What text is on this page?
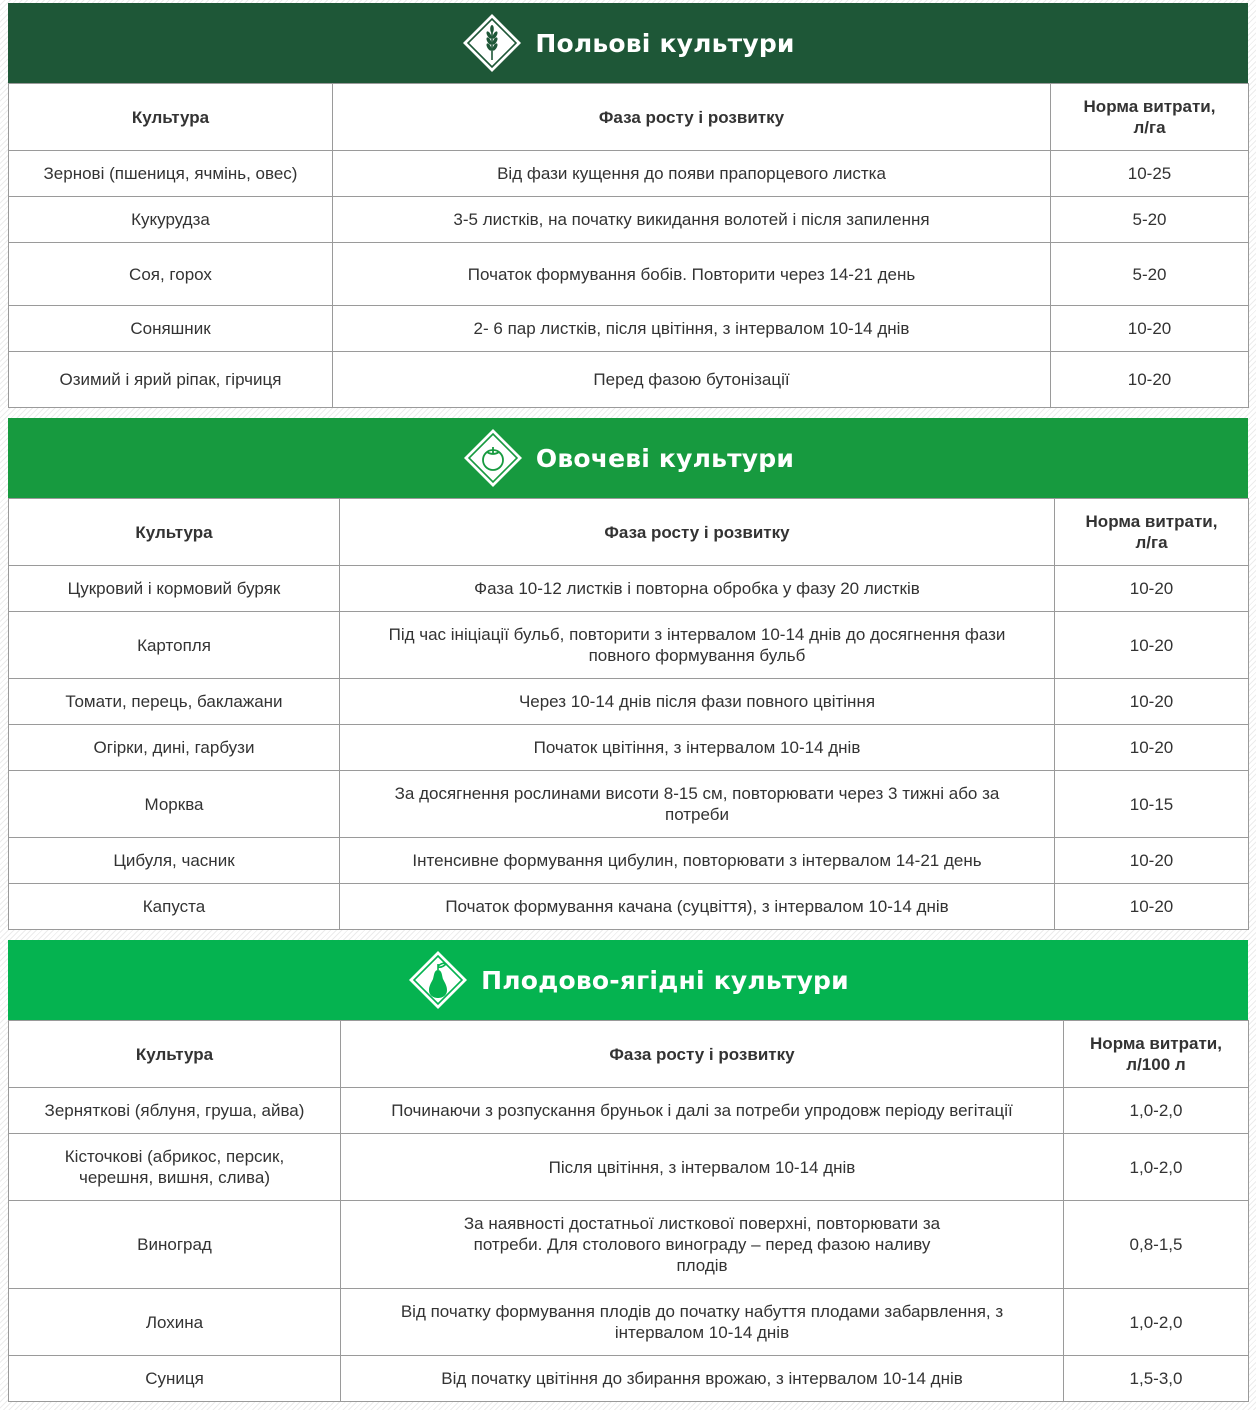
Польові культури
Культура	Фаза росту і розвитку	Норма витрати,
л/га
Зернові (пшениця, ячмінь, овес)	Від фази кущення до появи прапорцевого листка	10-25
Кукурудза	3-5 листків, на початку викидання волотей і після запилення	5-20
Соя, горох	Початок формування бобів. Повторити через 14-21 день	5-20
Соняшник	2- 6 пар листків, після цвітіння, з інтервалом 10-14 днів	10-20
Озимий і ярий ріпак, гірчиця	Перед фазою бутонізації	10-20
Овочеві культури
Культура	Фаза росту і розвитку	Норма витрати,
л/га
Цукровий і кормовий буряк	Фаза 10-12 листків і повторна обробка у фазу 20 листків	10-20
Картопля	Під час ініціації бульб, повторити з інтервалом 10-14 днів до досягнення фази
повного формування бульб	10-20
Томати, перець, баклажани	Через 10-14 днів після фази повного цвітіння	10-20
Огірки, дині, гарбузи	Початок цвітіння, з інтервалом 10-14 днів	10-20
Морква	За досягнення рослинами висоти 8-15 см, повторювати через 3 тижні або за
потреби	10-15
Цибуля, часник	Інтенсивне формування цибулин, повторювати з інтервалом 14-21 день	10-20
Капуста	Початок формування качана (суцвіття), з інтервалом 10-14 днів	10-20
Плодово-ягідні культури
Культура	Фаза росту і розвитку	Норма витрати,
л/100 л
Зерняткові (яблуня, груша, айва)	Починаючи з розпускання бруньок і далі за потреби упродовж періоду вегітації	1,0-2,0
Кісточкові (абрикос, персик,
черешня, вишня, слива)	Після цвітіння, з інтервалом 10-14 днів	1,0-2,0
Виноград	За наявності достатньої листкової поверхні, повторювати за
потреби. Для столового винограду – перед фазою наливу
плодів	0,8-1,5
Лохина	Від початку формування плодів до початку набуття плодами забарвлення, з
інтервалом 10-14 днів	1,0-2,0
Суниця	Від початку цвітіння до збирання врожаю, з інтервалом 10-14 днів	1,5-3,0
